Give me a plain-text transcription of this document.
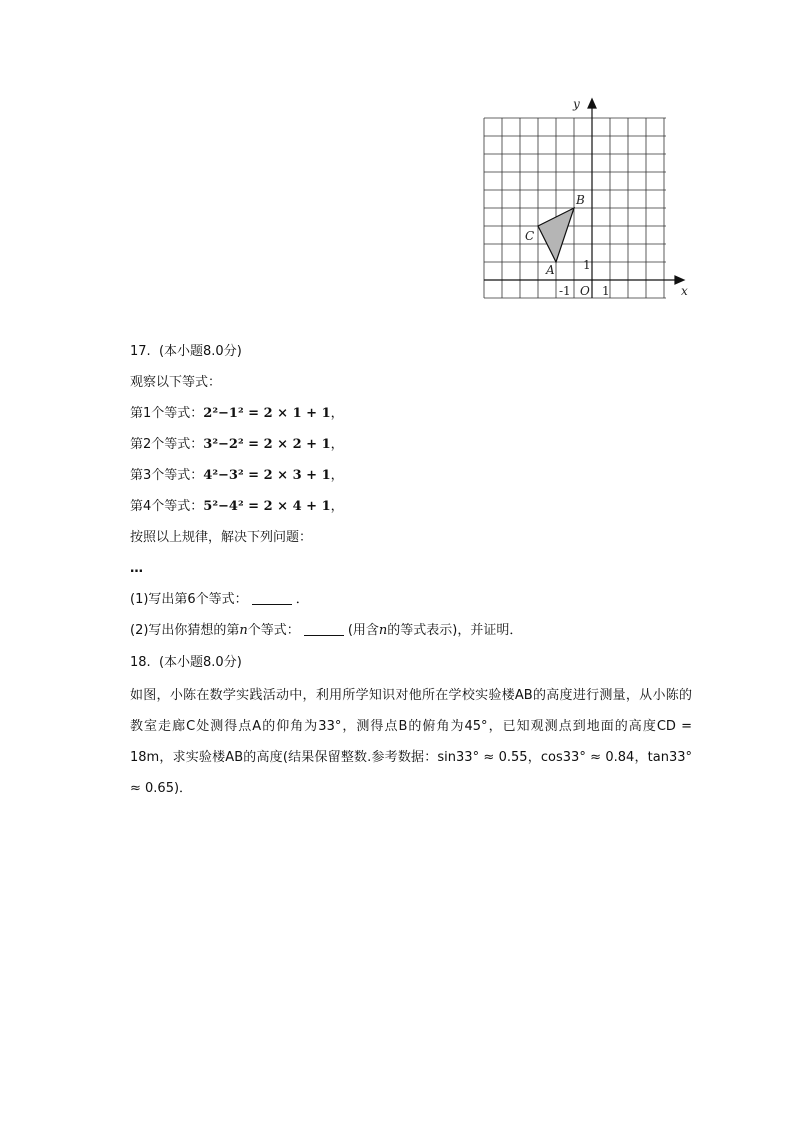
y
x
B
C
A 1
-1 O 1
17. (本小题8.0分)
观察以下等式：
第1个等式：2²−1² = 2 × 1 + 1，
第2个等式：3²−2² = 2 × 2 + 1，
第3个等式：4²−3² = 2 × 3 + 1，
第4个等式：5²−4² = 2 × 4 + 1，
按照以上规律，解决下列问题：
…
(1)写出第6个等式：	．
(2)写出你猜想的第n个等式：	(用含n的等式表示)，并证明．
18. (本小题8.0分)
如图，小陈在数学实践活动中，利用所学知识对他所在学校实验楼AB的高度进行测量，从小陈的教室走廊C处测得点A的仰角为33°，测得点B的俯角为45°，已知观测点到地面的高度CD = 18m，求实验楼AB的高度(结果保留整数.参考数据：sin33° ≈ 0.55，cos33° ≈ 0.84，tan33° ≈ 0.65)．
